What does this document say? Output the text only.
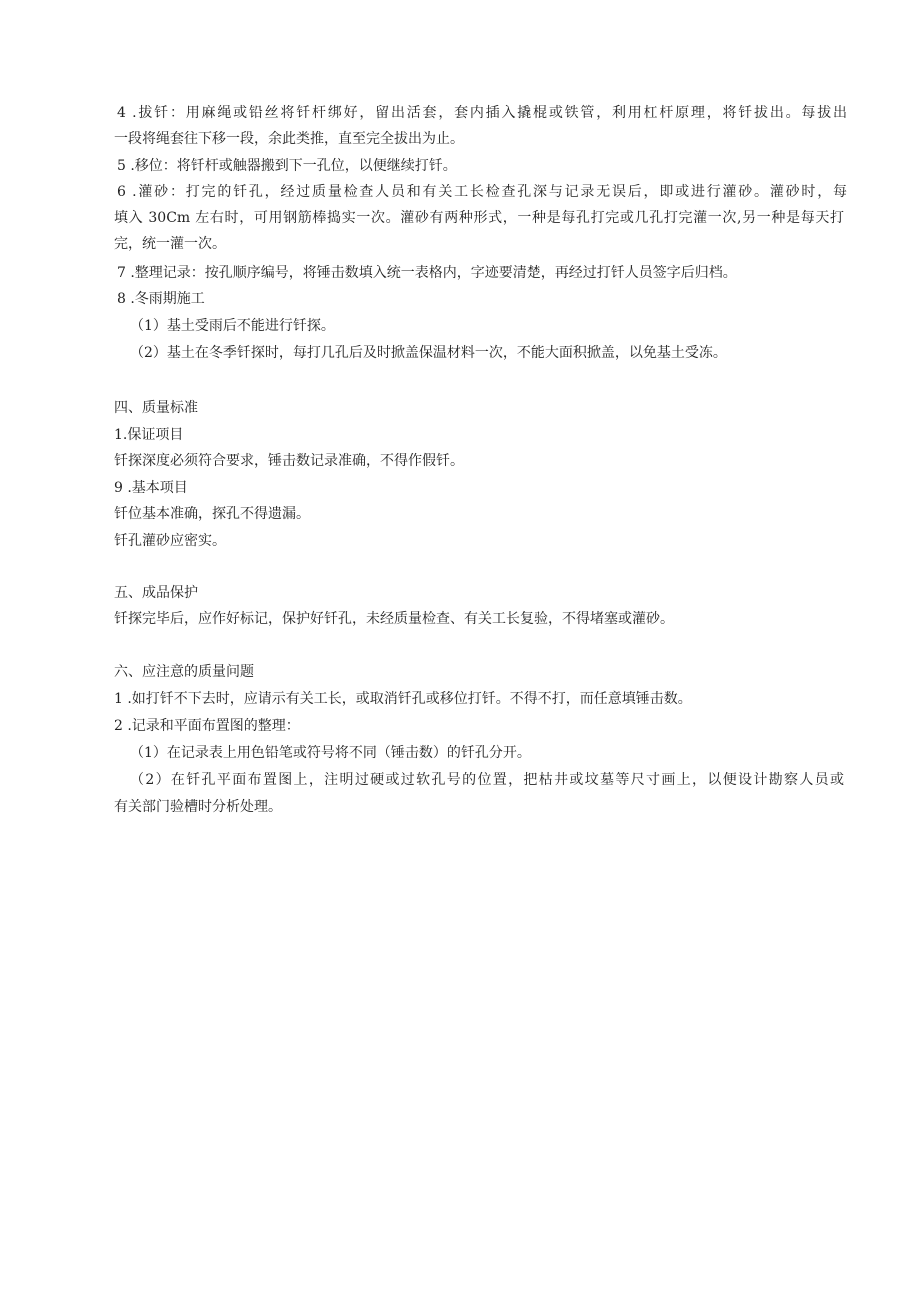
4 .拔钎：用麻绳或铅丝将钎杆绑好，留出活套，套内插入撬棍或铁管，利用杠杆原理，将钎拔出。每拔出
一段将绳套往下移一段，余此类推，直至完全拔出为止。
5 .移位：将钎杆或触器搬到下一孔位，以便继续打钎。
6 .灌砂：打完的钎孔，经过质量检查人员和有关工长检查孔深与记录无误后，即或进行灌砂。灌砂时，每
填入 30Cm 左右时，可用钢筋棒捣实一次。灌砂有两种形式，一种是每孔打完或几孔打完灌一次,另一种是每天打
完，统一灌一次。
7 .整理记录：按孔顺序编号，将锤击数填入统一表格内，字迹要清楚，再经过打钎人员签字后归档。
8 .冬雨期施工
（1）基土受雨后不能进行钎探。
（2）基土在冬季钎探时，每打几孔后及时掀盖保温材料一次，不能大面积掀盖，以免基土受冻。
四、质量标准
1.保证项目
钎探深度必须符合要求，锤击数记录准确，不得作假钎。
9 .基本项目
钎位基本准确，探孔不得遗漏。
钎孔灌砂应密实。
五、成品保护
钎探完毕后，应作好标记，保护好钎孔，未经质量检查、有关工长复验，不得堵塞或灌砂。
六、应注意的质量问题
1 .如打钎不下去时，应请示有关工长，或取消钎孔或移位打钎。不得不打，而任意填锤击数。
2 .记录和平面布置图的整理：
（1）在记录表上用色铅笔或符号将不同（锤击数）的钎孔分开。
（2）在钎孔平面布置图上，注明过硬或过软孔号的位置，把枯井或坟墓等尺寸画上，以便设计勘察人员或
有关部门验槽时分析处理。
